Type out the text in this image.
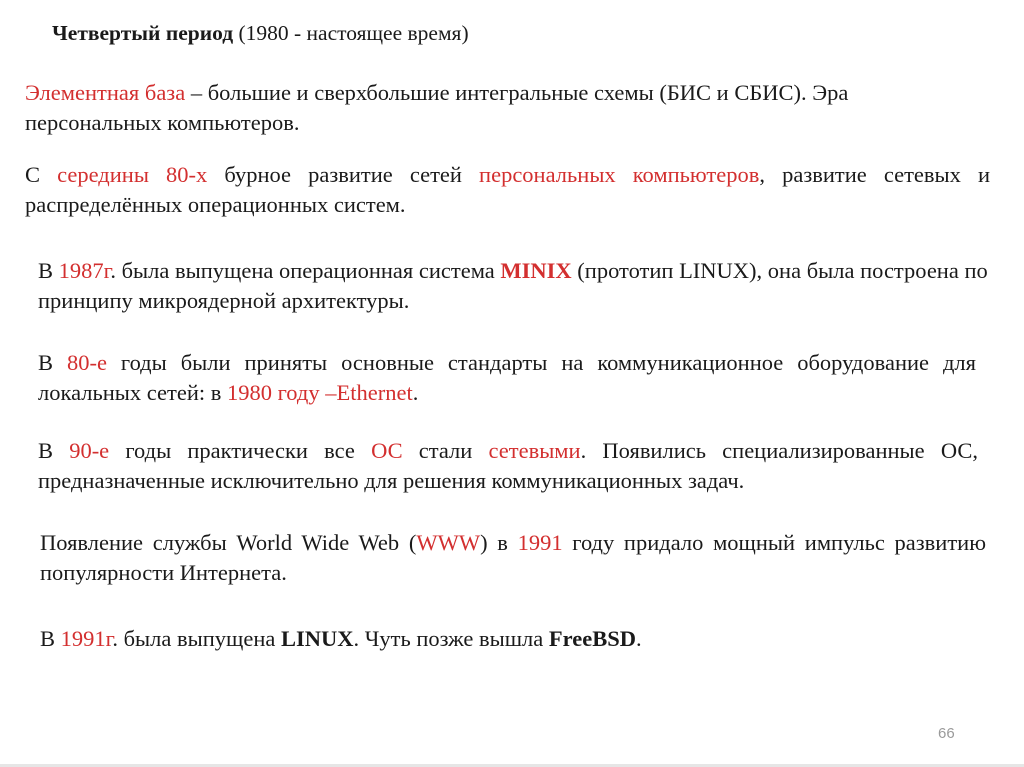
Четвертый период (1980 - настоящее время)
Элементная база – большие и сверхбольшие интегральные схемы (БИС и СБИС). Эра персональных компьютеров.
С середины 80-х бурное развитие сетей персональных компьютеров, развитие сетевых и распределённых операционных систем.
В 1987г. была выпущена операционная система MINIX (прототип LINUX), она была построена по принципу микроядерной архитектуры.
В 80-е годы были приняты основные стандарты на коммуникационное оборудование для локальных сетей: в 1980 году –Ethernet.
В 90-е годы практически все ОС стали сетевыми. Появились специализированные ОС, предназначенные исключительно для решения коммуникационных задач.
Появление службы World Wide Web (WWW) в 1991 году придало мощный импульс развитию популярности Интернета.
В 1991г. была выпущена LINUX. Чуть позже вышла FreeBSD.
66
